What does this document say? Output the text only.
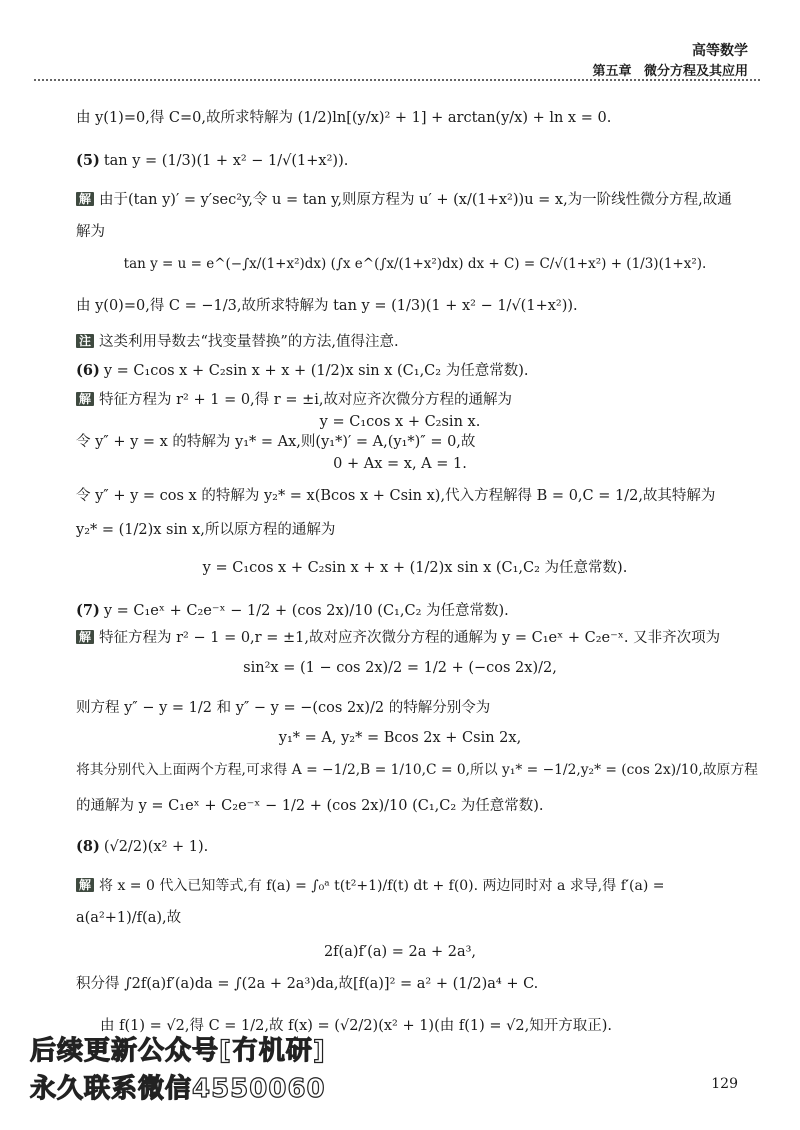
高等数学
第五章 微分方程及其应用
由 y(1)=0,得 C=0,故所求特解为 (1/2)ln[(y/x)² + 1] + arctan(y/x) + ln x = 0.
(5) tan y = (1/3)(1 + x² − 1/√(1+x²)).
解 由于(tan y)′ = y′sec²y,令 u = tan y,则原方程为 u′ + (x/(1+x²))u = x,为一阶线性微分方程,故通
解为
tan y = u = e^(−∫x/(1+x²)dx) (∫x e^(∫x/(1+x²)dx) dx + C) = C/√(1+x²) + (1/3)(1+x²).
由 y(0)=0,得 C = −1/3,故所求特解为 tan y = (1/3)(1 + x² − 1/√(1+x²)).
注 这类利用导数去“找变量替换”的方法,值得注意.
(6) y = C₁cos x + C₂sin x + x + (1/2)x sin x (C₁,C₂ 为任意常数).
解 特征方程为 r² + 1 = 0,得 r = ±i,故对应齐次微分方程的通解为
y = C₁cos x + C₂sin x.
令 y″ + y = x 的特解为 y₁* = Ax,则(y₁*)′ = A,(y₁*)″ = 0,故
0 + Ax = x, A = 1.
令 y″ + y = cos x 的特解为 y₂* = x(Bcos x + Csin x),代入方程解得 B = 0,C = 1/2,故其特解为
y₂* = (1/2)x sin x,所以原方程的通解为
y = C₁cos x + C₂sin x + x + (1/2)x sin x (C₁,C₂ 为任意常数).
(7) y = C₁eˣ + C₂e⁻ˣ − 1/2 + (cos 2x)/10 (C₁,C₂ 为任意常数).
解 特征方程为 r² − 1 = 0,r = ±1,故对应齐次微分方程的通解为 y = C₁eˣ + C₂e⁻ˣ. 又非齐次项为
sin²x = (1 − cos 2x)/2 = 1/2 + (−cos 2x)/2,
则方程 y″ − y = 1/2 和 y″ − y = −(cos 2x)/2 的特解分别令为
y₁* = A, y₂* = Bcos 2x + Csin 2x,
将其分别代入上面两个方程,可求得 A = −1/2,B = 1/10,C = 0,所以 y₁* = −1/2,y₂* = (cos 2x)/10,故原方程
的通解为 y = C₁eˣ + C₂e⁻ˣ − 1/2 + (cos 2x)/10 (C₁,C₂ 为任意常数).
(8) (√2/2)(x² + 1).
解 将 x = 0 代入已知等式,有 f(a) = ∫₀ᵃ t(t²+1)/f(t) dt + f(0). 两边同时对 a 求导,得 f′(a) =
a(a²+1)/f(a),故
2f(a)f′(a) = 2a + 2a³,
积分得 ∫2f(a)f′(a)da = ∫(2a + 2a³)da,故[f(a)]² = a² + (1/2)a⁴ + C.
由 f(1) = √2,得 C = 1/2,故 f(x) = (√2/2)(x² + 1)(由 f(1) = √2,知开方取正).
129
后续更新公众号[冇机研]
永久联系微信4550060
